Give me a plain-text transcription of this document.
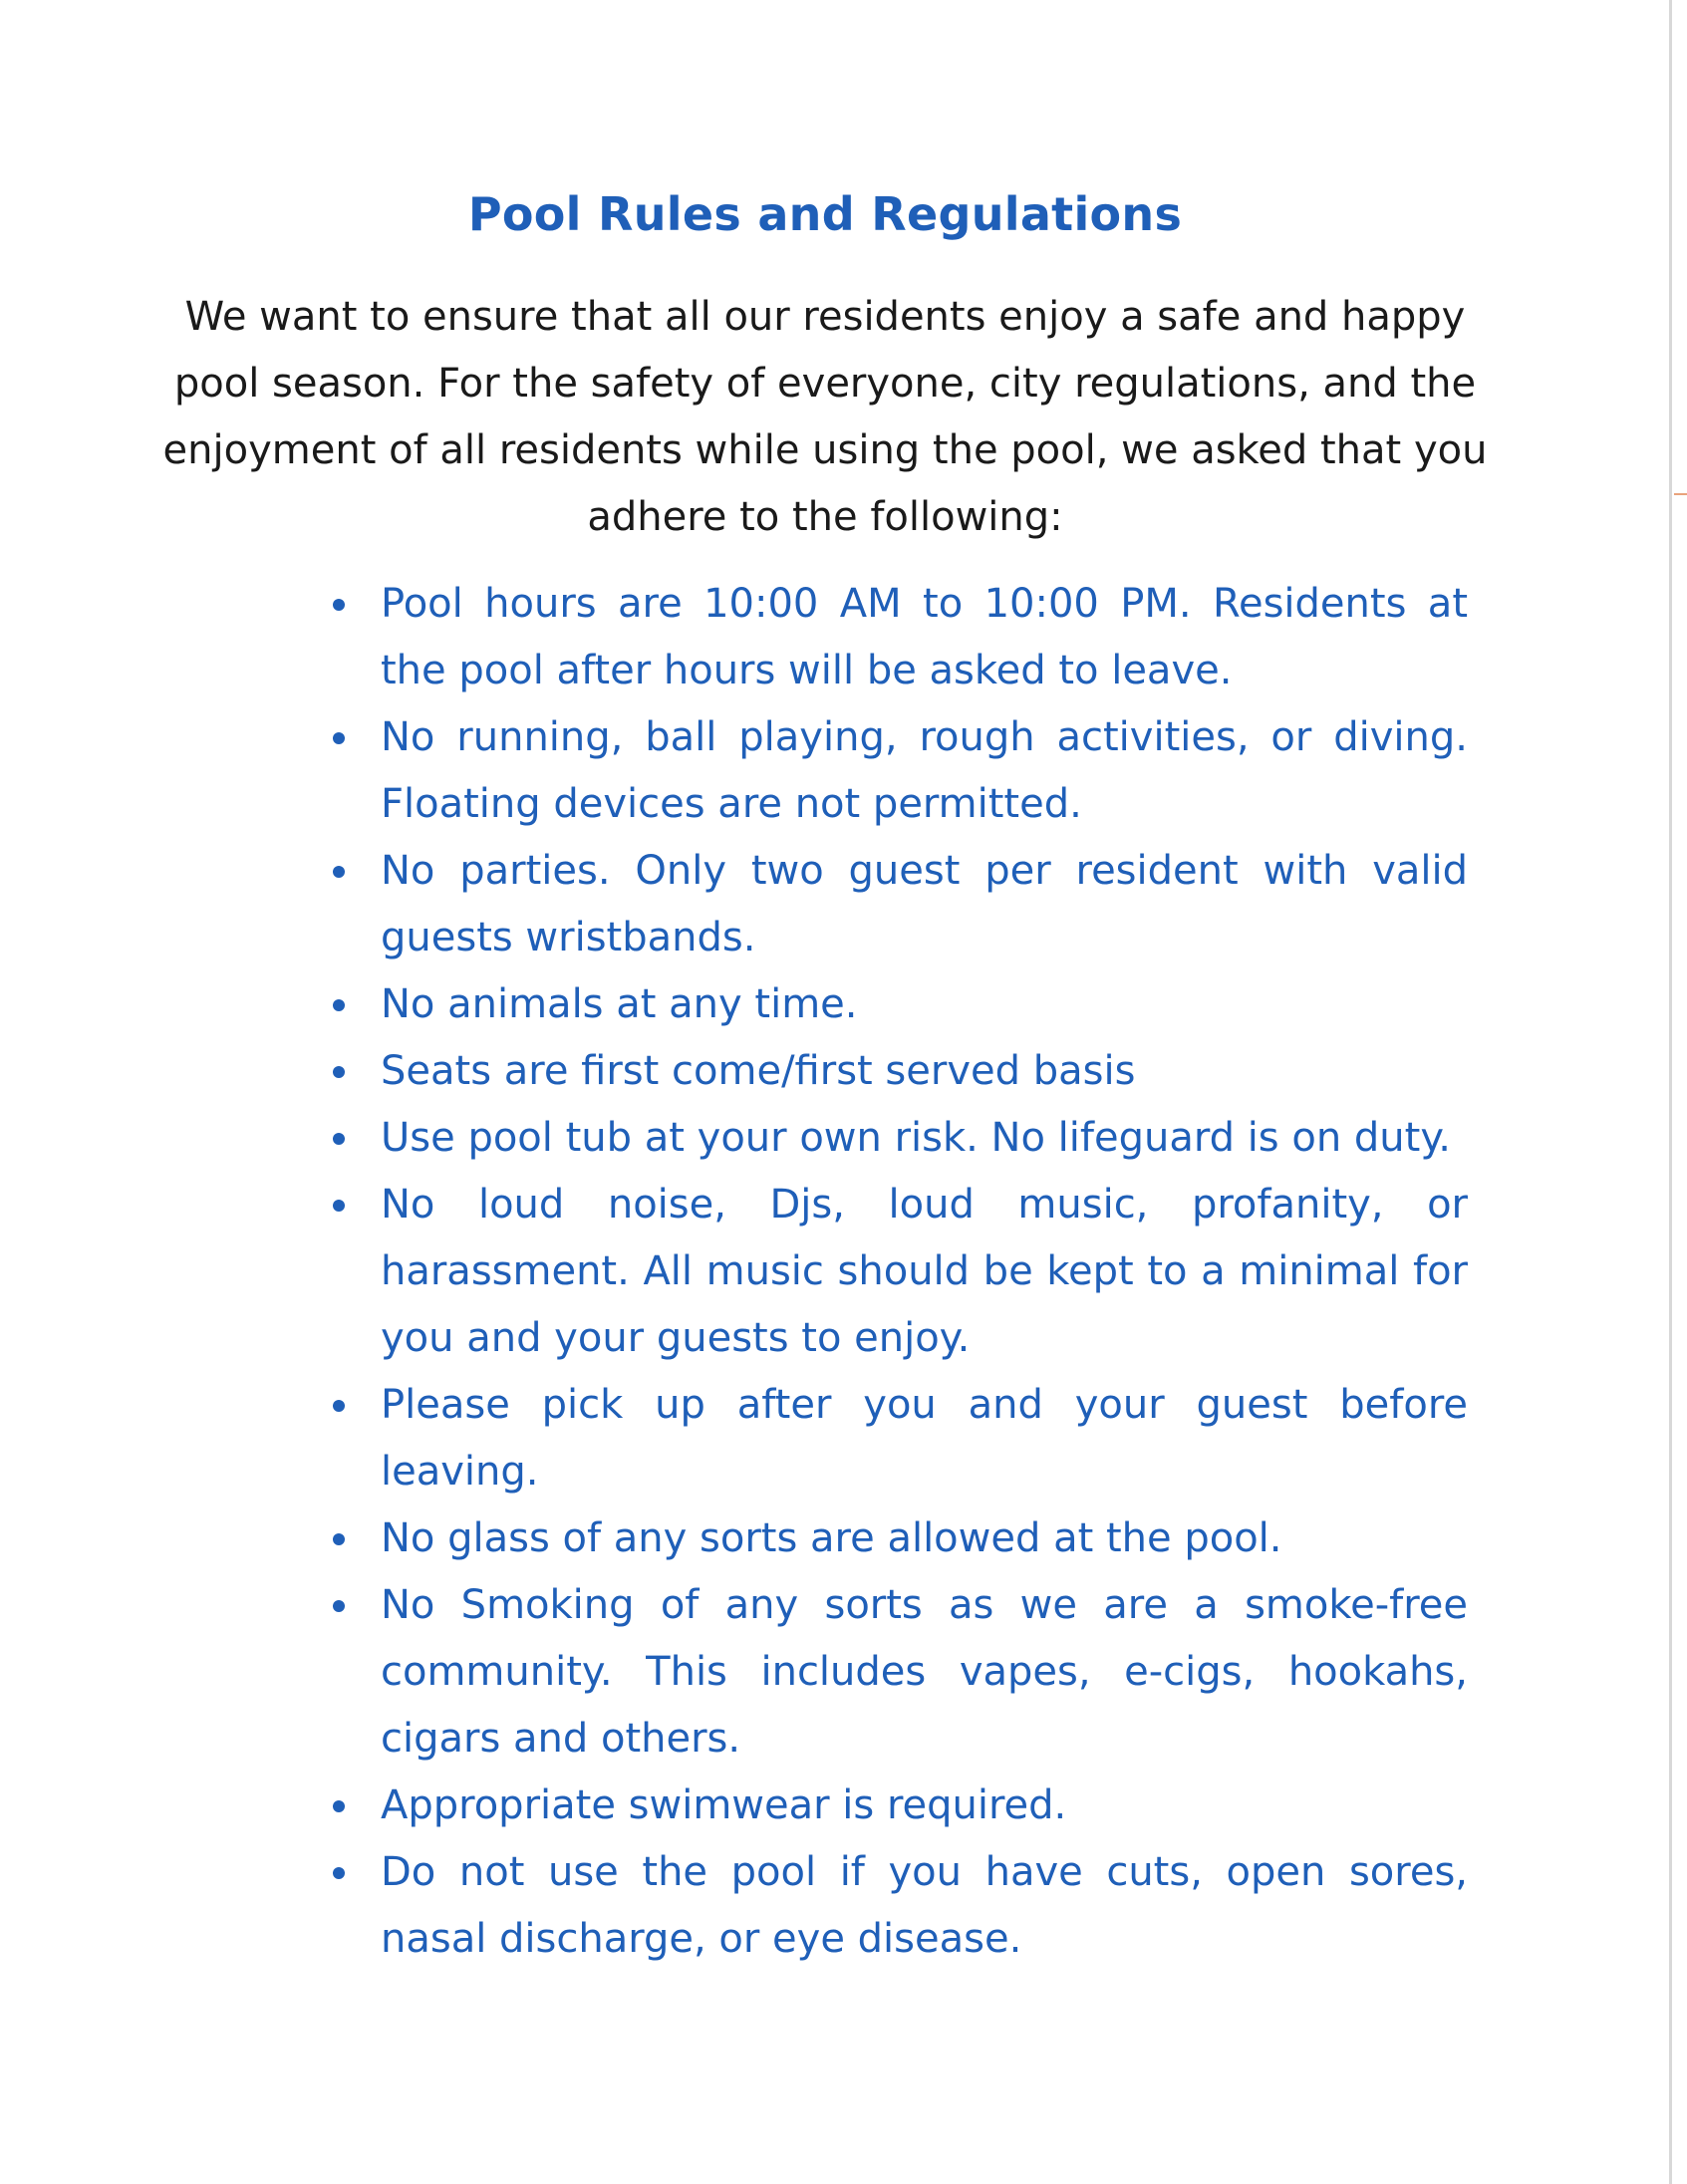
Pool Rules and Regulations
We want to ensure that all our residents enjoy a safe and happy pool season. For the safety of everyone, city regulations, and the enjoyment of all residents while using the pool, we asked that you adhere to the following:
Pool hours are 10:00 AM to 10:00 PM. Residents at the pool after hours will be asked to leave.
No running, ball playing, rough activities, or diving. Floating devices are not permitted.
No parties. Only two guest per resident with valid guests wristbands.
No animals at any time.
Seats are first come/first served basis
Use pool tub at your own risk. No lifeguard is on duty.
No loud noise, Djs, loud music, profanity, or harassment. All music should be kept to a minimal for you and your guests to enjoy.
Please pick up after you and your guest before leaving.
No glass of any sorts are allowed at the pool.
No Smoking of any sorts as we are a smoke-free community. This includes vapes, e-cigs, hookahs, cigars and others.
Appropriate swimwear is required.
Do not use the pool if you have cuts, open sores, nasal discharge, or eye disease.
